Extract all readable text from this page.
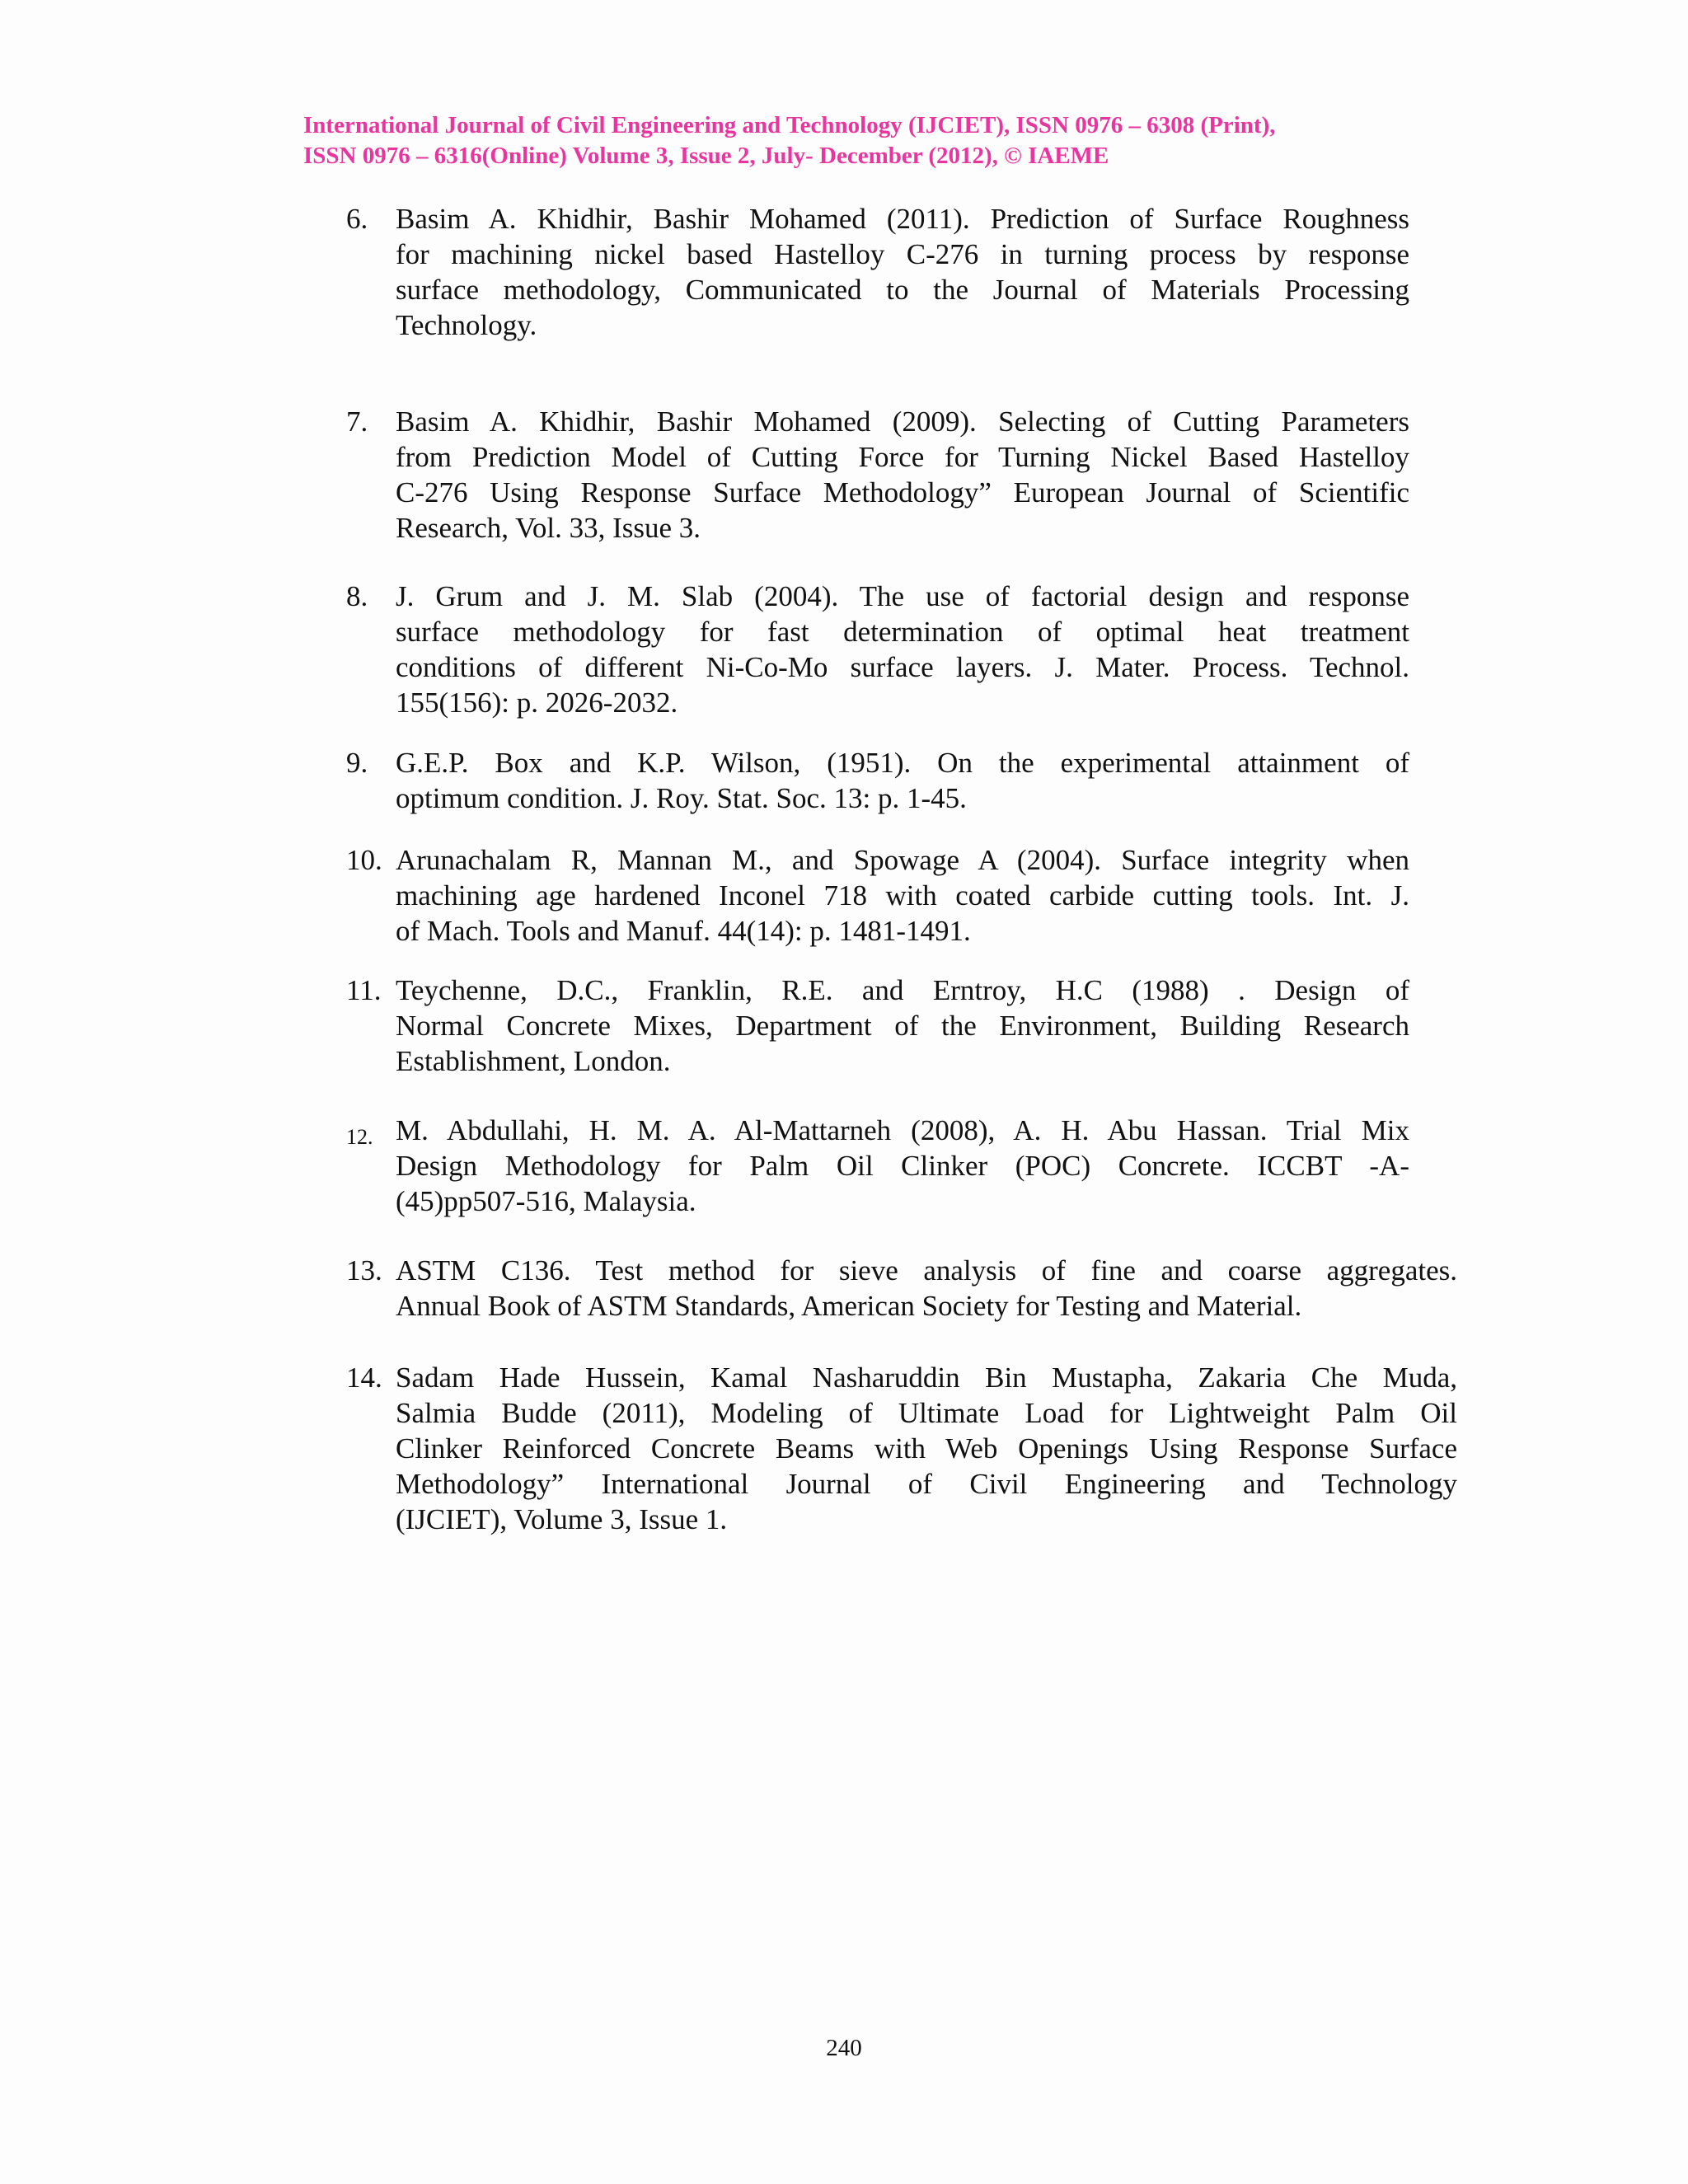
International Journal of Civil Engineering and Technology (IJCIET), ISSN 0976 – 6308 (Print),
ISSN 0976 – 6316(Online) Volume 3, Issue 2, July- December (2012), © IAEME
6. Basim A. Khidhir, Bashir Mohamed (2011). Prediction of Surface Roughness
for machining nickel based Hastelloy C-276 in turning process by response
surface methodology, Communicated to the Journal of Materials Processing
Technology.
7. Basim A. Khidhir, Bashir Mohamed (2009). Selecting of Cutting Parameters
from Prediction Model of Cutting Force for Turning Nickel Based Hastelloy
C-276 Using Response Surface Methodology” European Journal of Scientific
Research, Vol. 33, Issue 3.
8. J. Grum and J. M. Slab (2004). The use of factorial design and response
surface methodology for fast determination of optimal heat treatment
conditions of different Ni-Co-Mo surface layers. J. Mater. Process. Technol.
155(156): p. 2026-2032.
9. G.E.P. Box and K.P. Wilson, (1951). On the experimental attainment of
optimum condition. J. Roy. Stat. Soc. 13: p. 1-45.
10. Arunachalam R, Mannan M., and Spowage A (2004). Surface integrity when
machining age hardened Inconel 718 with coated carbide cutting tools. Int. J.
of Mach. Tools and Manuf. 44(14): p. 1481-1491.
11. Teychenne, D.C., Franklin, R.E. and Erntroy, H.C (1988) . Design of
Normal Concrete Mixes, Department of the Environment, Building Research
Establishment, London.
12. M. Abdullahi, H. M. A. Al-Mattarneh (2008), A. H. Abu Hassan. Trial Mix
Design Methodology for Palm Oil Clinker (POC) Concrete. ICCBT -A-
(45)pp507-516, Malaysia.
13. ASTM C136. Test method for sieve analysis of fine and coarse aggregates.
Annual Book of ASTM Standards, American Society for Testing and Material.
14. Sadam Hade Hussein, Kamal Nasharuddin Bin Mustapha, Zakaria Che Muda,
Salmia Budde (2011), Modeling of Ultimate Load for Lightweight Palm Oil
Clinker Reinforced Concrete Beams with Web Openings Using Response Surface
Methodology” International Journal of Civil Engineering and Technology
(IJCIET), Volume 3, Issue 1.
240
